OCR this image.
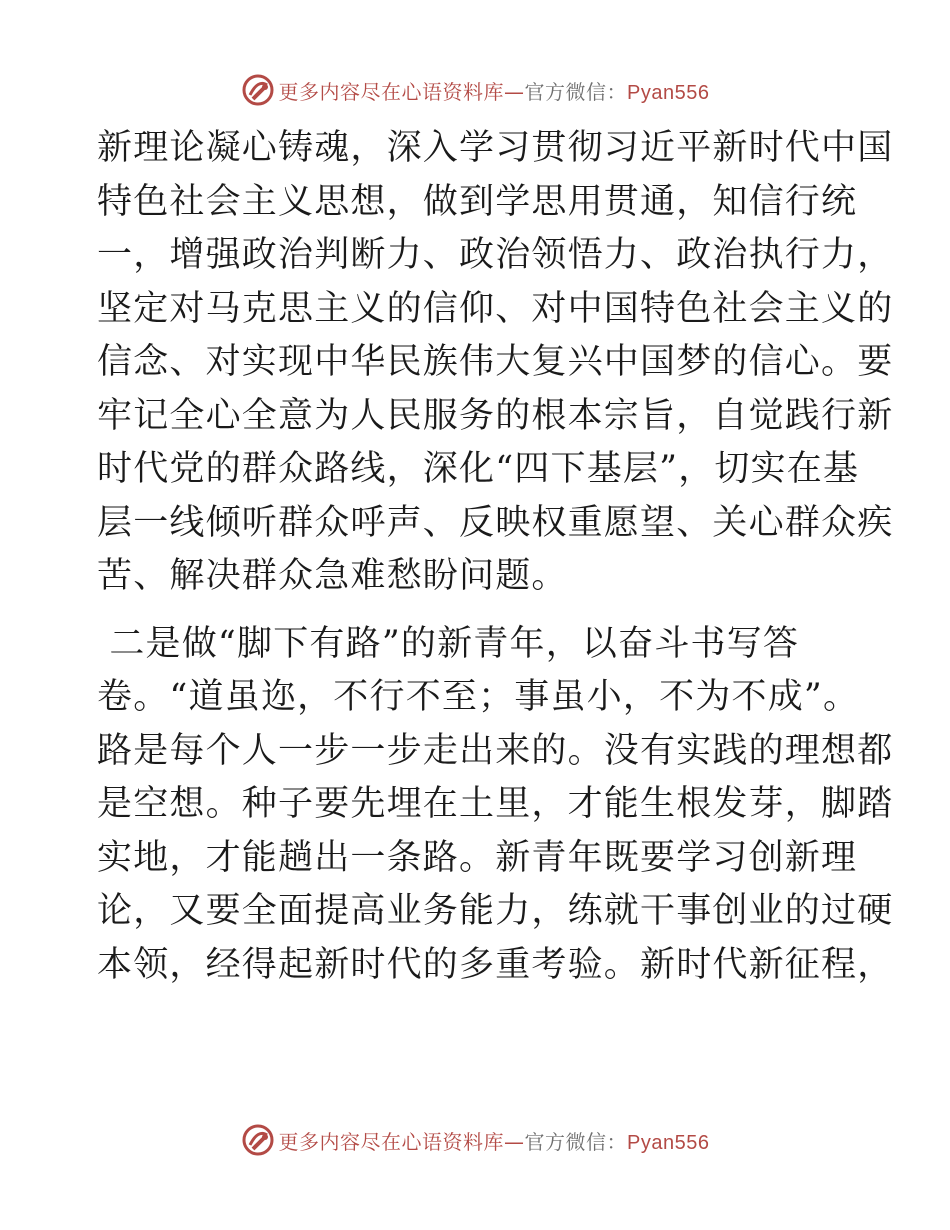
更多内容尽在心语资料库—官方微信：Pyan556
新理论凝心铸魂，深入学习贯彻习近平新时代中国
特色社会主义思想，做到学思用贯通，知信行统
一，增强政治判断力、政治领悟力、政治执行力，
坚定对马克思主义的信仰、对中国特色社会主义的
信念、对实现中华民族伟大复兴中国梦的信心。要
牢记全心全意为人民服务的根本宗旨，自觉践行新
时代党的群众路线，深化“四下基层”，切实在基
层一线倾听群众呼声、反映权重愿望、关心群众疾
苦、解决群众急难愁盼问题。
二是做“脚下有路”的新青年，以奋斗书写答
卷。“道虽迩，不行不至；事虽小，不为不成”。
路是每个人一步一步走出来的。没有实践的理想都
是空想。种子要先埋在土里，才能生根发芽，脚踏
实地，才能趟出一条路。新青年既要学习创新理
论，又要全面提高业务能力，练就干事创业的过硬
本领，经得起新时代的多重考验。新时代新征程，
更多内容尽在心语资料库—官方微信：Pyan556
